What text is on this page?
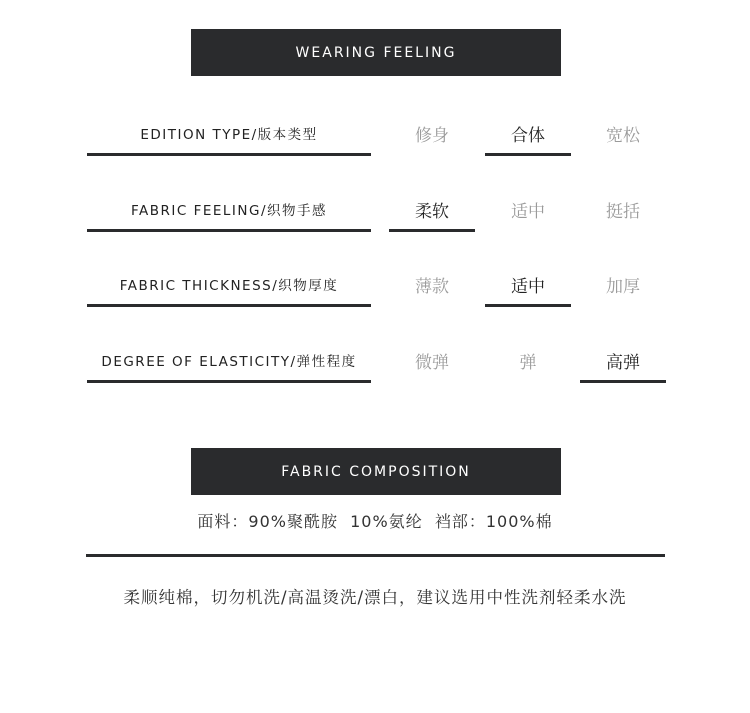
WEARING FEELING
EDITION TYPE/版本类型	修身	合体	宽松
FABRIC FEELING/织物手感	柔软	适中	挺括
FABRIC THICKNESS/织物厚度	薄款	适中	加厚
DEGREE OF ELASTICITY/弹性程度	微弹	弹	高弹
FABRIC COMPOSITION
面料：90%聚酰胺  10%氨纶  裆部：100%棉
柔顺纯棉，切勿机洗/高温烫洗/漂白，建议选用中性洗剂轻柔水洗
